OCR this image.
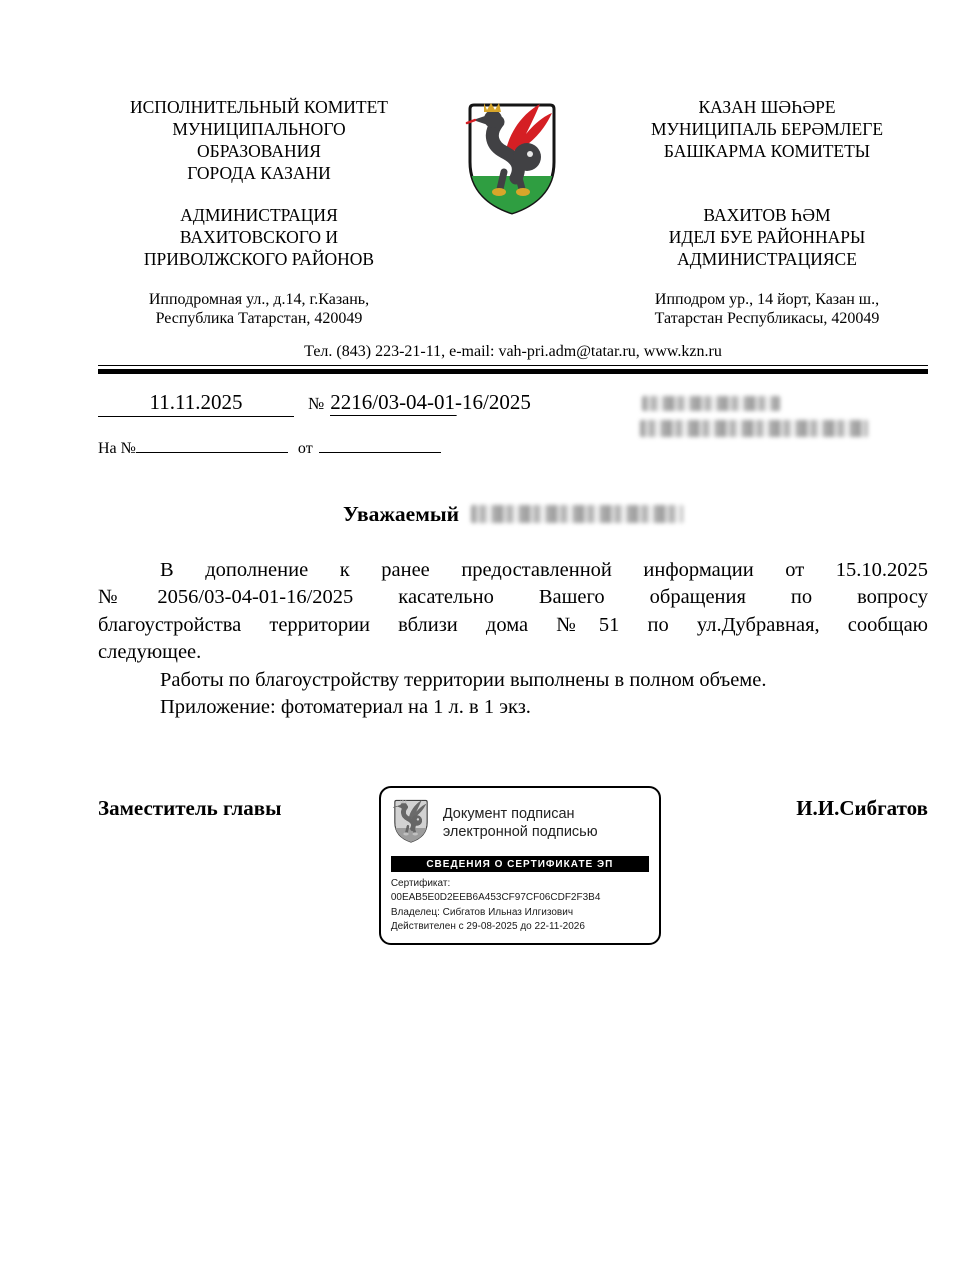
ИСПОЛНИТЕЛЬНЫЙ КОМИТЕТ
МУНИЦИПАЛЬНОГО
ОБРАЗОВАНИЯ
ГОРОДА КАЗАНИ
АДМИНИСТРАЦИЯ
ВАХИТОВСКОГО И
ПРИВОЛЖСКОГО РАЙОНОВ
Ипподромная ул., д.14, г.Казань,
Республика Татарстан, 420049
КАЗАН ШӘҺӘРЕ
МУНИЦИПАЛЬ БЕРӘМЛЕГЕ
БАШКАРМА КОМИТЕТЫ
ВАХИТОВ ҺӘМ
ИДЕЛ БУЕ РАЙОННАРЫ
АДМИНИСТРАЦИЯСЕ
Ипподром ур., 14 йорт, Казан ш.,
Татарстан Республикасы, 420049
Тел. (843) 223-21-11, e-mail: vah-pri.adm@tatar.ru, www.kzn.ru
11.11.2025	№ 2216/03-04-01-16/2025
На №	от
Уважаемый
В дополнение к ранее предоставленной информации от 15.10.2025
№2056/03-04-01-16/2025 касательно Вашего обращения по вопросу
благоустройства территории вблизи дома №51 по ул.Дубравная, сообщаю
следующее.
Работы по благоустройству территории выполнены в полном объеме.
Приложение: фотоматериал на 1 л. в 1 экз.
Заместитель главы	Документ подписан
электронной подписью
СВЕДЕНИЯ О СЕРТИФИКАТЕ ЭП
Сертификат: 00EAB5E0D2EEB6A453CF97CF06CDF2F3B4
Владелец: Сибгатов Ильназ Илгизович
Действителен с 29-08-2025 до 22-11-2026
И.И.Сибгатов
